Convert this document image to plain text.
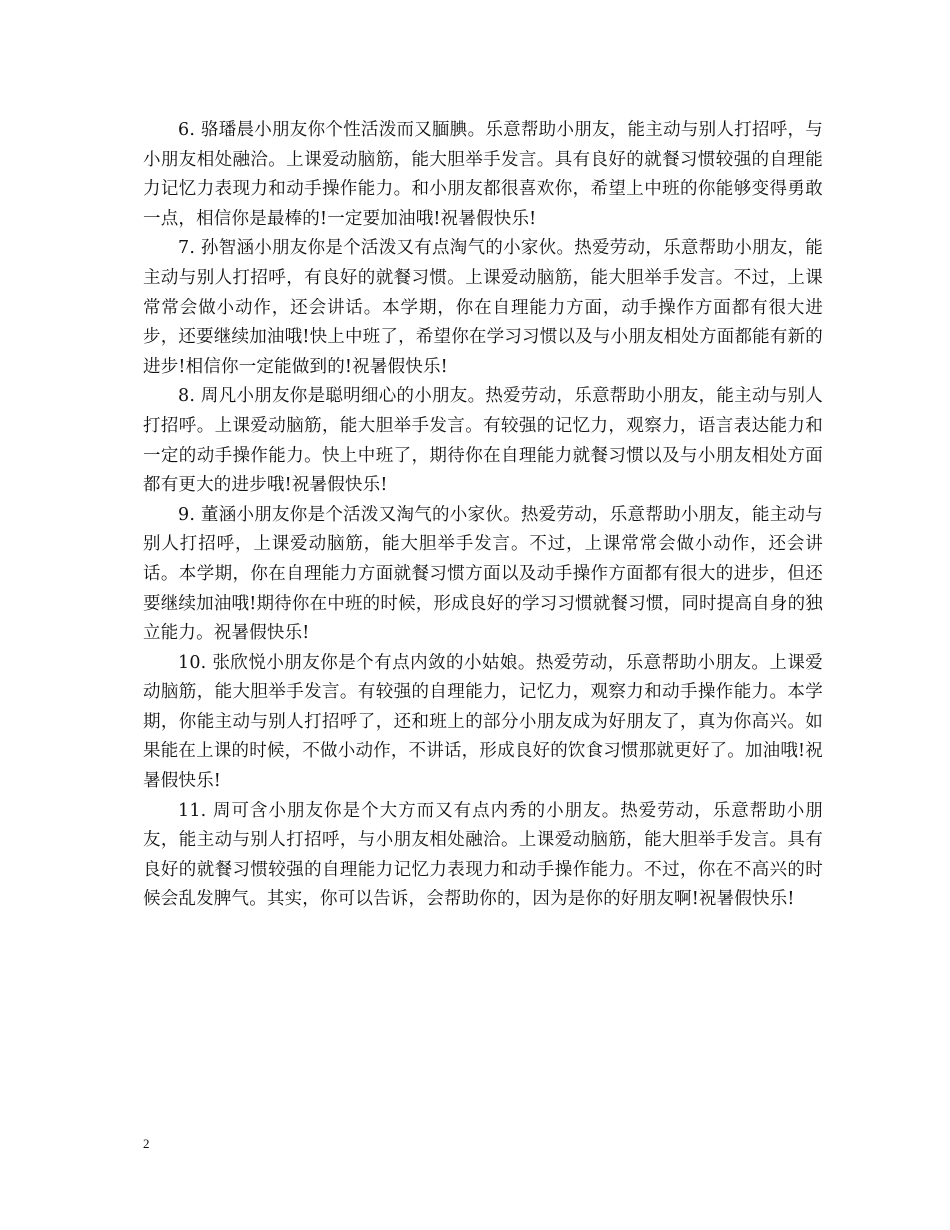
6. 骆璠晨小朋友你个性活泼而又腼腆。乐意帮助小朋友，能主动与别人打招呼，与小朋友相处融洽。上课爱动脑筋，能大胆举手发言。具有良好的就餐习惯较强的自理能力记忆力表现力和动手操作能力。和小朋友都很喜欢你，希望上中班的你能够变得勇敢一点，相信你是最棒的!一定要加油哦!祝暑假快乐!

7. 孙智涵小朋友你是个活泼又有点淘气的小家伙。热爱劳动，乐意帮助小朋友，能主动与别人打招呼，有良好的就餐习惯。上课爱动脑筋，能大胆举手发言。不过，上课常常会做小动作，还会讲话。本学期，你在自理能力方面，动手操作方面都有很大进步，还要继续加油哦!快上中班了，希望你在学习习惯以及与小朋友相处方面都能有新的进步!相信你一定能做到的!祝暑假快乐!

8. 周凡小朋友你是聪明细心的小朋友。热爱劳动，乐意帮助小朋友，能主动与别人打招呼。上课爱动脑筋，能大胆举手发言。有较强的记忆力，观察力，语言表达能力和一定的动手操作能力。快上中班了，期待你在自理能力就餐习惯以及与小朋友相处方面都有更大的进步哦!祝暑假快乐!

9. 董涵小朋友你是个活泼又淘气的小家伙。热爱劳动，乐意帮助小朋友，能主动与别人打招呼，上课爱动脑筋，能大胆举手发言。不过，上课常常会做小动作，还会讲话。本学期，你在自理能力方面就餐习惯方面以及动手操作方面都有很大的进步，但还要继续加油哦!期待你在中班的时候，形成良好的学习习惯就餐习惯，同时提高自身的独立能力。祝暑假快乐!

10. 张欣悦小朋友你是个有点内敛的小姑娘。热爱劳动，乐意帮助小朋友。上课爱动脑筋，能大胆举手发言。有较强的自理能力，记忆力，观察力和动手操作能力。本学期，你能主动与别人打招呼了，还和班上的部分小朋友成为好朋友了，真为你高兴。如果能在上课的时候，不做小动作，不讲话，形成良好的饮食习惯那就更好了。加油哦!祝暑假快乐!

11. 周可含小朋友你是个大方而又有点内秀的小朋友。热爱劳动，乐意帮助小朋友，能主动与别人打招呼，与小朋友相处融洽。上课爱动脑筋，能大胆举手发言。具有良好的就餐习惯较强的自理能力记忆力表现力和动手操作能力。不过，你在不高兴的时候会乱发脾气。其实，你可以告诉，会帮助你的，因为是你的好朋友啊!祝暑假快乐!

2
